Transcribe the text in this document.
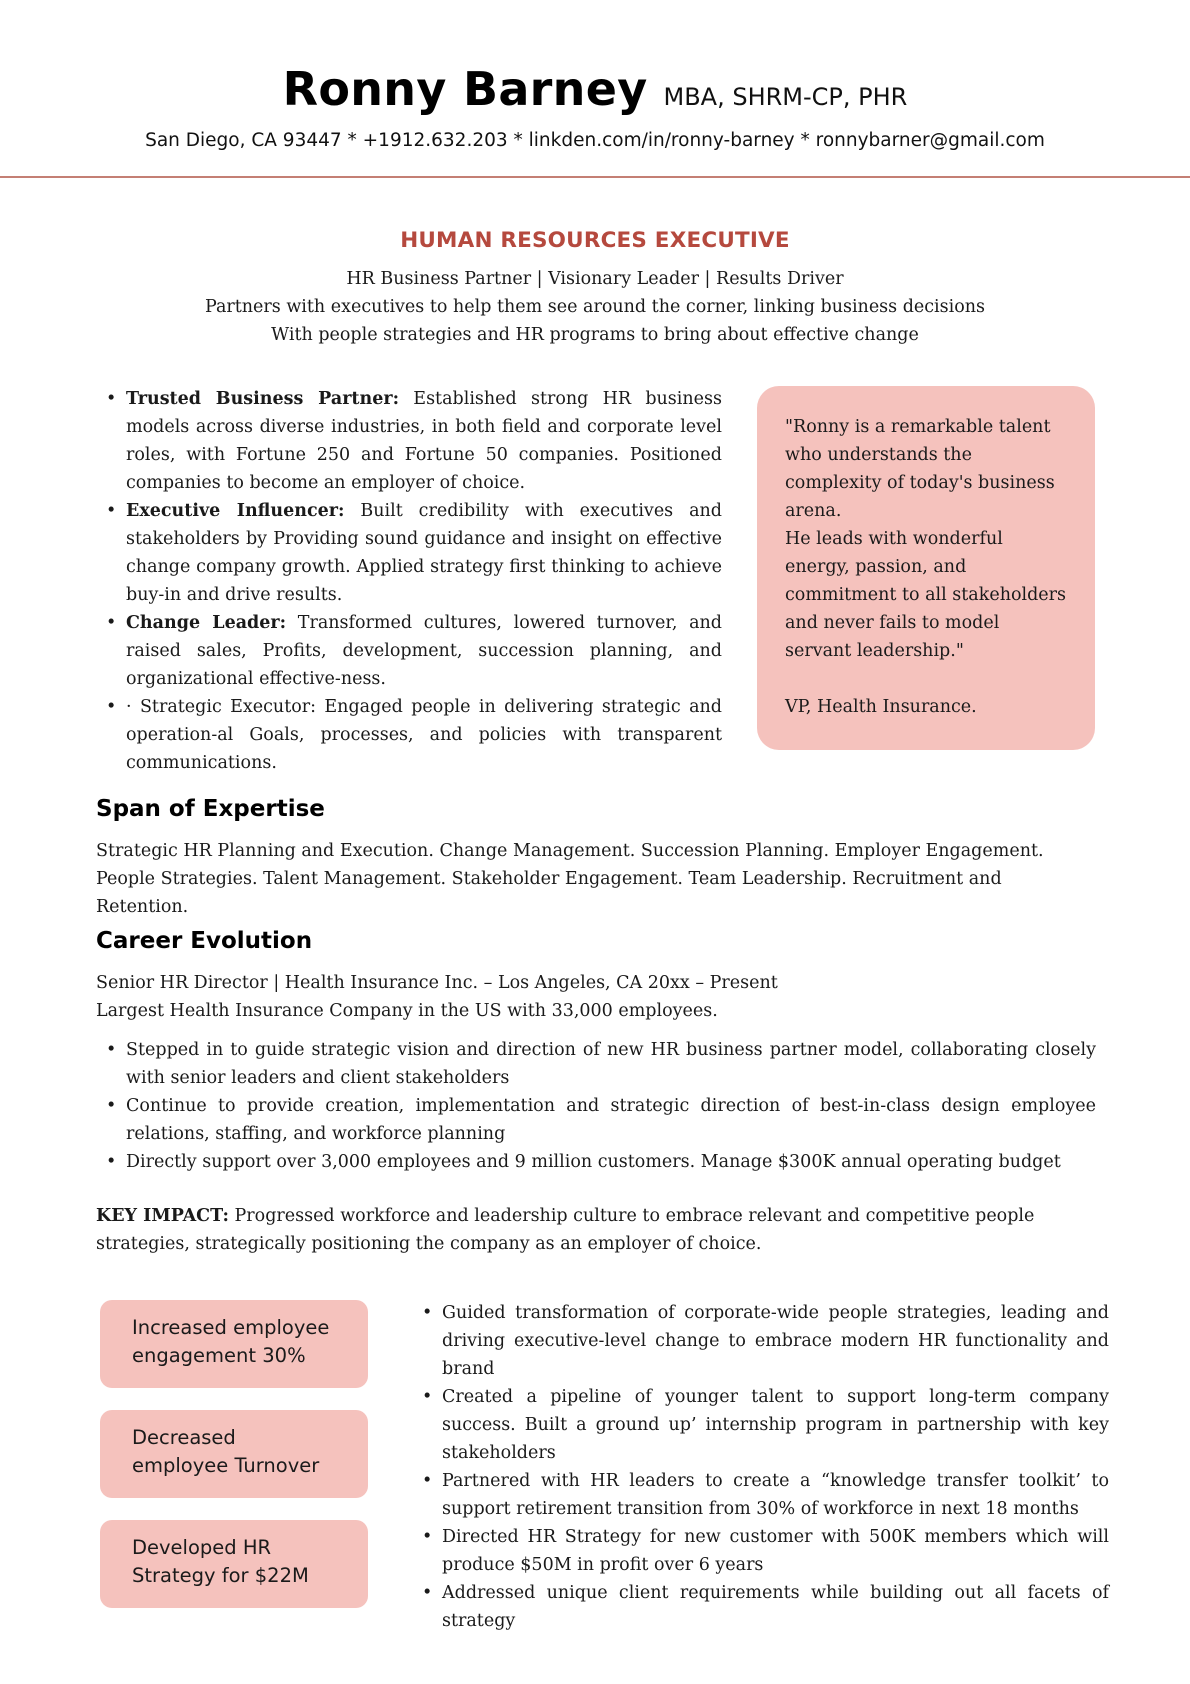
Ronny Barney MBA, SHRM-CP, PHR
San Diego, CA 93447 * +1912.632.203 * linkden.com/in/ronny-barney * ronnybarner@gmail.com
HUMAN RESOURCES EXECUTIVE
HR Business Partner | Visionary Leader | Results Driver
Partners with executives to help them see around the corner, linking business decisions
With people strategies and HR programs to bring about effective change
• Trusted Business Partner: Established strong HR business models across diverse industries, in both field and corporate level roles, with Fortune 250 and Fortune 50 companies. Positioned companies to become an employer of choice.
• Executive Influencer: Built credibility with executives and stakeholders by Providing sound guidance and insight on effective change company growth. Applied strategy first thinking to achieve buy-in and drive results.
• Change Leader: Transformed cultures, lowered turnover, and raised sales, Profits, development, succession planning, and organizational effective-ness.
• · Strategic Executor: Engaged people in delivering strategic and operation-al Goals, processes, and policies with transparent communications.

"Ronny is a remarkable talent who understands the complexity of today's business arena.

He leads with wonderful energy, passion, and commitment to all stakeholders and never fails to model servant leadership."

VP, Health Insurance.

Span of Expertise
Strategic HR Planning and Execution. Change Management. Succession Planning. Employer Engagement.
People Strategies. Talent Management. Stakeholder Engagement. Team Leadership. Recruitment and Retention.
Career Evolution
Senior HR Director | Health Insurance Inc. – Los Angeles, CA 20xx – Present
Largest Health Insurance Company in the US with 33,000 employees.
• Stepped in to guide strategic vision and direction of new HR business partner model, collaborating closely with senior leaders and client stakeholders
• Continue to provide creation, implementation and strategic direction of best-in-class design employee relations, staffing, and workforce planning
• Directly support over 3,000 employees and 9 million customers. Manage $300K annual operating budget
KEY IMPACT: Progressed workforce and leadership culture to embrace relevant and competitive people strategies, strategically positioning the company as an employer of choice.
Increased employee
engagement 30%
Decreased
employee Turnover
Developed HR
Strategy for $22M
• Guided transformation of corporate-wide people strategies, leading and driving executive-level change to embrace modern HR functionality and brand
• Created a pipeline of younger talent to support long-term company success. Built a ground up’ internship program in partnership with key stakeholders
• Partnered with HR leaders to create a “knowledge transfer toolkit’ to support retirement transition from 30% of workforce in next 18 months
• Directed HR Strategy for new customer with 500K members which will produce $50M in profit over 6 years
• Addressed unique client requirements while building out all facets of strategy
